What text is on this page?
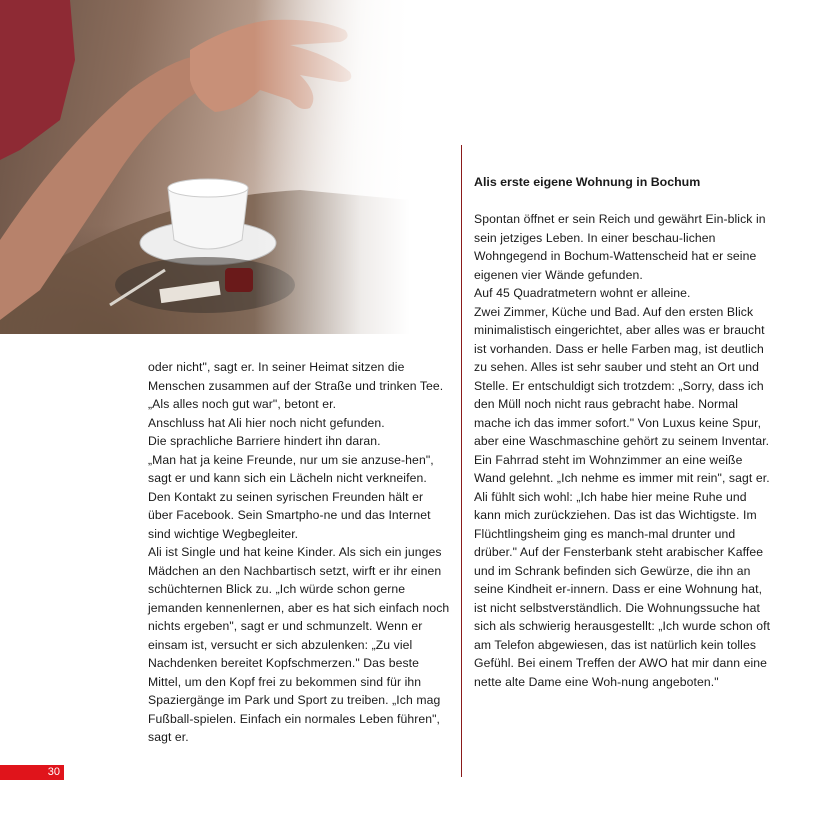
oder nicht", sagt er. In seiner Heimat sitzen die Menschen zusammen auf der Straße und trinken Tee. „Als alles noch gut war", betont er.

Anschluss hat Ali hier noch nicht gefunden.

Die sprachliche Barriere hindert ihn daran.

„Man hat ja keine Freunde, nur um sie anzuse-hen", sagt er und kann sich ein Lächeln nicht verkneifen. Den Kontakt zu seinen syrischen Freunden hält er über Facebook. Sein Smartpho-ne und das Internet sind wichtige Wegbegleiter.

Ali ist Single und hat keine Kinder. Als sich ein junges Mädchen an den Nachbartisch setzt, wirft er ihr einen schüchternen Blick zu. „Ich würde schon gerne jemanden kennenlernen, aber es hat sich einfach noch nichts ergeben", sagt er und schmunzelt. Wenn er einsam ist, versucht er sich abzulenken: „Zu viel Nachdenken bereitet Kopfschmerzen." Das beste Mittel, um den Kopf frei zu bekommen sind für ihn Spaziergänge im Park und Sport zu treiben. „Ich mag Fußball-spielen. Einfach ein normales Leben führen", sagt er.

Alis erste eigene Wohnung in Bochum

Spontan öffnet er sein Reich und gewährt Ein-blick in sein jetziges Leben. In einer beschau-lichen Wohngegend in Bochum-Wattenscheid hat er seine eigenen vier Wände gefunden.

Auf 45 Quadratmetern wohnt er alleine.

Zwei Zimmer, Küche und Bad. Auf den ersten Blick minimalistisch eingerichtet, aber alles was er braucht ist vorhanden. Dass er helle Farben mag, ist deutlich zu sehen. Alles ist sehr sauber und steht an Ort und Stelle. Er entschuldigt sich trotzdem: „Sorry, dass ich den Müll noch nicht raus gebracht habe. Normal mache ich das immer sofort." Von Luxus keine Spur, aber eine Waschmaschine gehört zu seinem Inventar.

Ein Fahrrad steht im Wohnzimmer an eine weiße Wand gelehnt. „Ich nehme es immer mit rein", sagt er. Ali fühlt sich wohl: „Ich habe hier meine Ruhe und kann mich zurückziehen. Das ist das Wichtigste. Im Flüchtlingsheim ging es manch-mal drunter und drüber." Auf der Fensterbank steht arabischer Kaffee und im Schrank befinden sich Gewürze, die ihn an seine Kindheit er-innern. Dass er eine Wohnung hat, ist nicht selbstverständlich. Die Wohnungssuche hat sich als schwierig herausgestellt: „Ich wurde schon oft am Telefon abgewiesen, das ist natürlich kein tolles Gefühl. Bei einem Treffen der AWO hat mir dann eine nette alte Dame eine Woh-nung angeboten."

30
